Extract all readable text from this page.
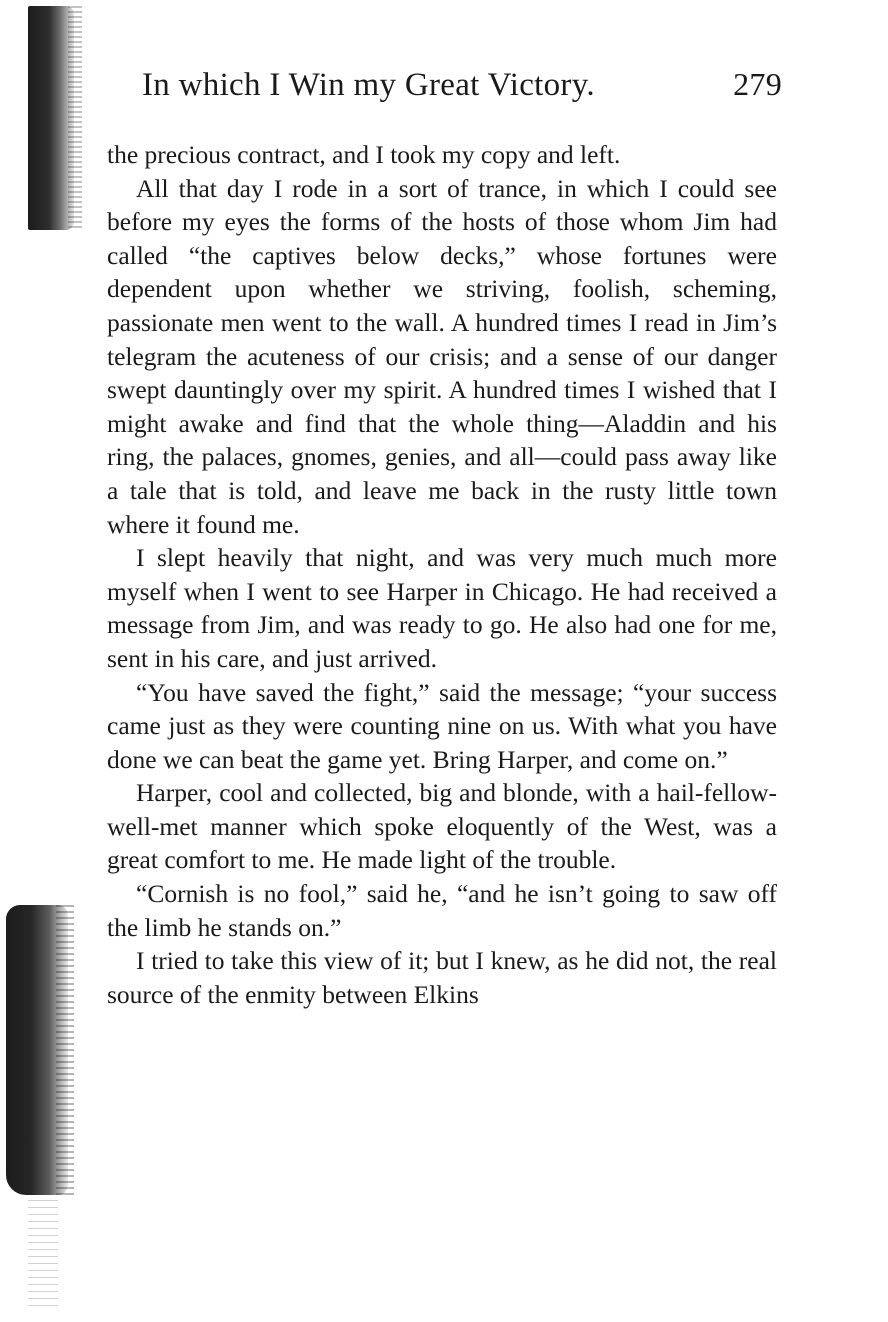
In which I Win my Great Victory.	279

the precious contract, and I took my copy and left.

All that day I rode in a sort of trance, in which I could see before my eyes the forms of the hosts of those whom Jim had called “the captives below decks,” whose fortunes were dependent upon whether we striving, foolish, scheming, passionate men went to the wall. A hundred times I read in Jim’s telegram the acuteness of our crisis; and a sense of our danger swept dauntingly over my spirit. A hundred times I wished that I might awake and find that the whole thing—Aladdin and his ring, the palaces, gnomes, genies, and all—could pass away like a tale that is told, and leave me back in the rusty little town where it found me.

I slept heavily that night, and was very much much more myself when I went to see Harper in Chicago. He had received a message from Jim, and was ready to go. He also had one for me, sent in his care, and just arrived.

“You have saved the fight,” said the message; “your success came just as they were counting nine on us. With what you have done we can beat the game yet. Bring Harper, and come on.”

Harper, cool and collected, big and blonde, with a hail-fellow-well-met manner which spoke eloquently of the West, was a great comfort to me. He made light of the trouble.

“Cornish is no fool,” said he, “and he isn’t going to saw off the limb he stands on.”

I tried to take this view of it; but I knew, as he did not, the real source of the enmity between Elkins
